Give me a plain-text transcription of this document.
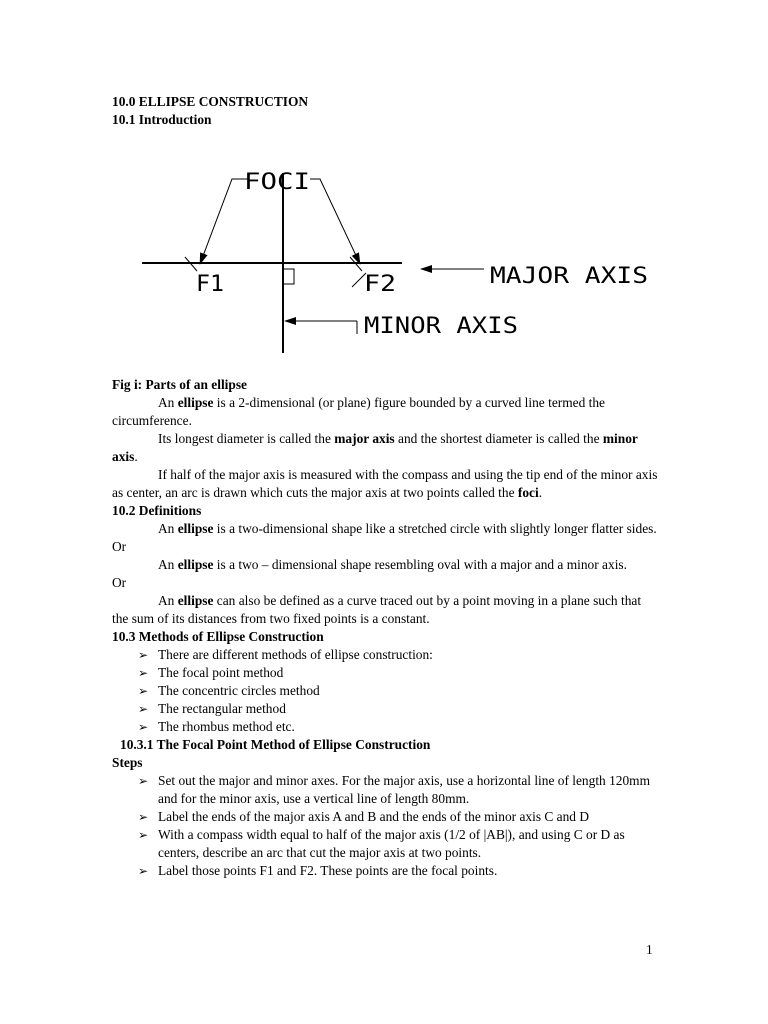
10.0 ELLIPSE CONSTRUCTION
10.1 Introduction
FOCI
F1	F2	MAJOR AXIS
MINOR AXIS
Fig i: Parts of an ellipse

An ellipse is a 2-dimensional (or plane) figure bounded by a curved line termed the circumference.

Its longest diameter is called the major axis and the shortest diameter is called the minor axis.

If half of the major axis is measured with the compass and using the tip end of the minor axis as center, an arc is drawn which cuts the major axis at two points called the foci.

10.2 Definitions

An ellipse is a two-dimensional shape like a stretched circle with slightly longer flatter sides.

Or

An ellipse is a two – dimensional shape resembling oval with a major and a minor axis.

Or

An ellipse can also be defined as a curve traced out by a point moving in a plane such that the sum of its distances from two fixed points is a constant.

10.3 Methods of Ellipse Construction
➢ There are different methods of ellipse construction:
➢ The focal point method
➢ The concentric circles method
➢ The rectangular method
➢ The rhombus method etc.
10.3.1 The Focal Point Method of Ellipse Construction
Steps
➢ Set out the major and minor axes. For the major axis, use a horizontal line of length 120mm and for the minor axis, use a vertical line of length 80mm.
➢ Label the ends of the major axis A and B and the ends of the minor axis C and D
➢ With a compass width equal to half of the major axis (1/2 of |AB|), and using C or D as centers, describe an arc that cut the major axis at two points.
➢ Label those points F1 and F2. These points are the focal points.
1
